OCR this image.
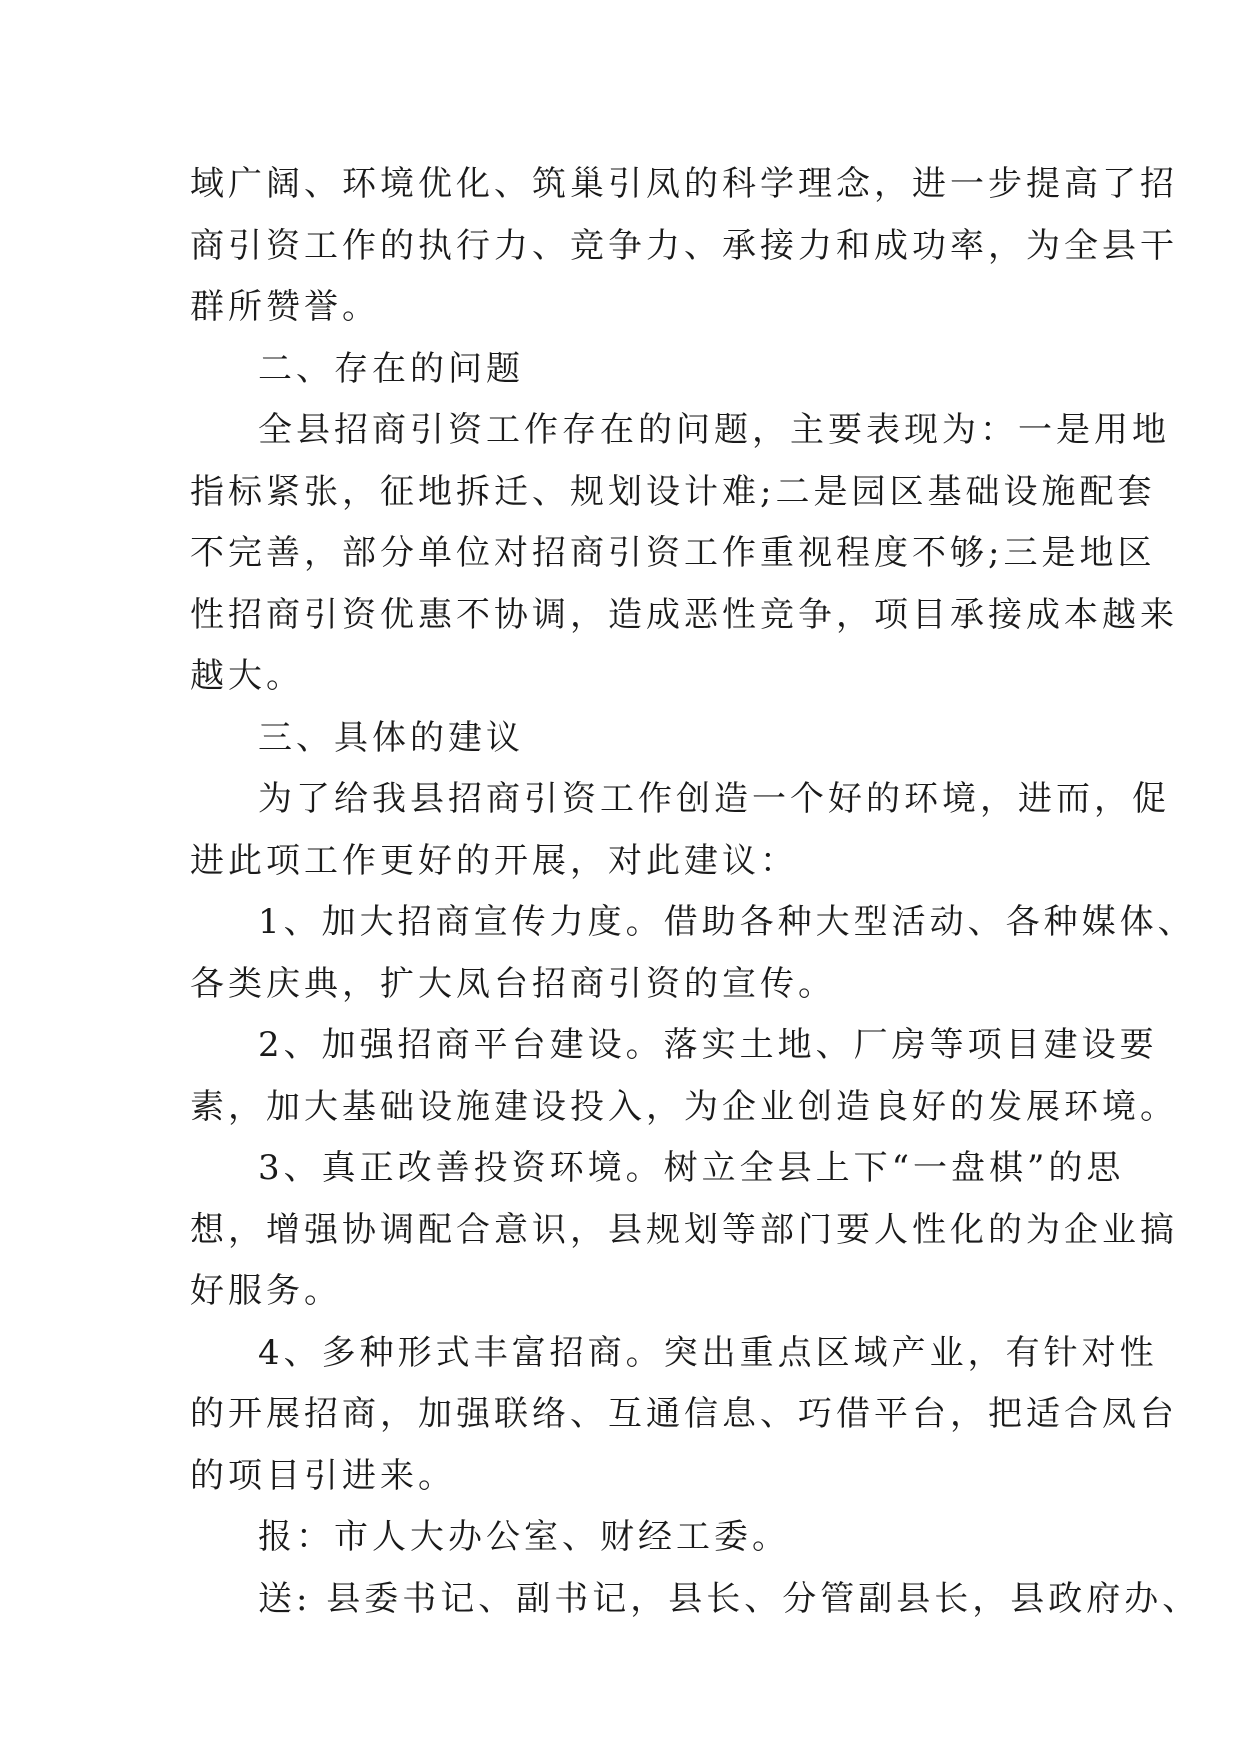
域广阔、环境优化、筑巢引凤的科学理念，进一步提高了招
商引资工作的执行力、竞争力、承接力和成功率，为全县干
群所赞誉。
二、存在的问题
全县招商引资工作存在的问题，主要表现为：一是用地
指标紧张，征地拆迁、规划设计难;二是园区基础设施配套
不完善，部分单位对招商引资工作重视程度不够;三是地区
性招商引资优惠不协调，造成恶性竞争，项目承接成本越来
越大。
三、具体的建议
为了给我县招商引资工作创造一个好的环境，进而，促
进此项工作更好的开展，对此建议：
1、加大招商宣传力度。借助各种大型活动、各种媒体、
各类庆典，扩大凤台招商引资的宣传。
2、加强招商平台建设。落实土地、厂房等项目建设要
素，加大基础设施建设投入，为企业创造良好的发展环境。
3、真正改善投资环境。树立全县上下“一盘棋”的思
想，增强协调配合意识，县规划等部门要人性化的为企业搞
好服务。
4、多种形式丰富招商。突出重点区域产业，有针对性
的开展招商，加强联络、互通信息、巧借平台，把适合凤台
的项目引进来。
报：市人大办公室、财经工委。
送: 县委书记、副书记，县长、分管副县长，县政府办、
